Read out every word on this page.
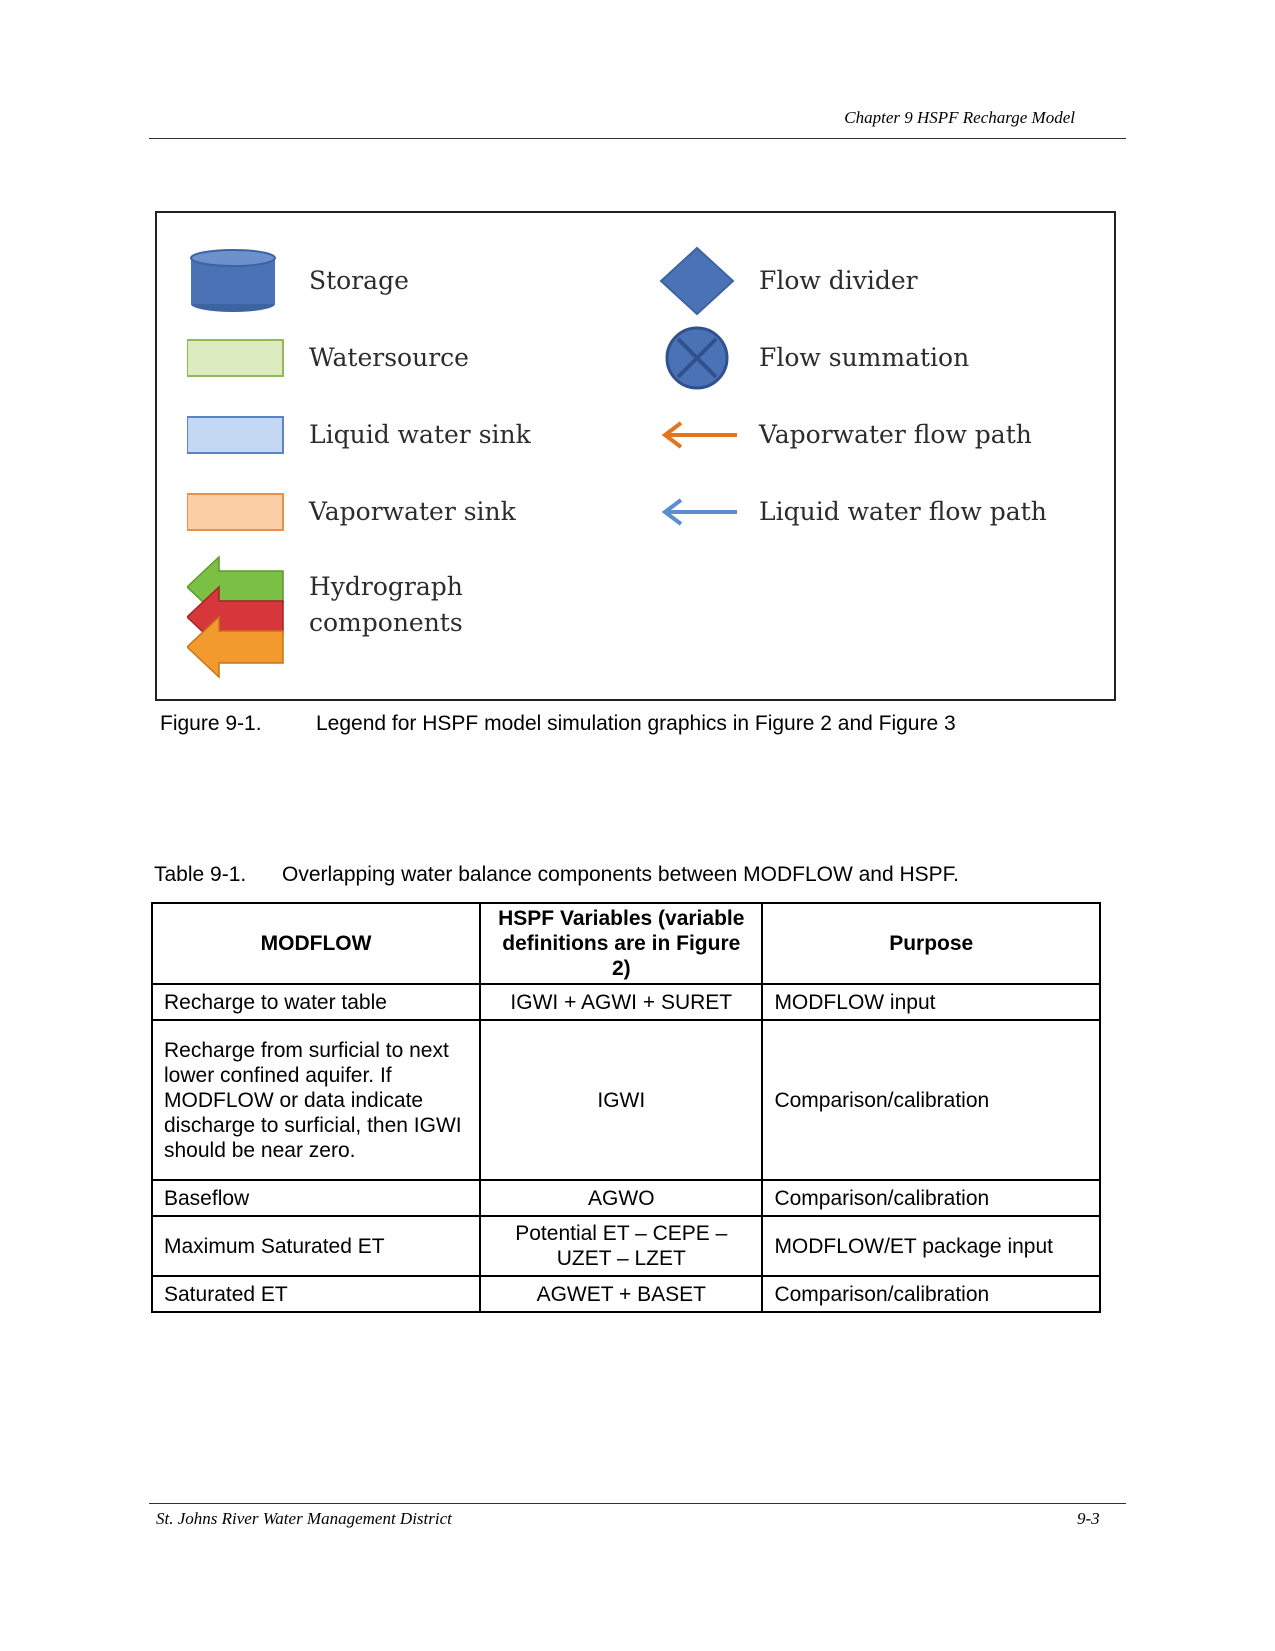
Chapter 9 HSPF Recharge Model
Storage
Watersource
Liquid water sink
Vaporwater sink
Hydrograph
components
Flow divider
Flow summation
Vaporwater flow path
Liquid water flow path
Figure 9-1.	Legend for HSPF model simulation graphics in Figure 2 and Figure 3
Table 9-1. Overlapping water balance components between MODFLOW and HSPF.
MODFLOW	HSPF Variables (variable definitions are in Figure 2)	Purpose
Recharge to water table	IGWI + AGWI + SURET	MODFLOW input
Recharge from surficial to next lower confined aquifer. If MODFLOW or data indicate discharge to surficial, then IGWI should be near zero.	IGWI	Comparison/calibration
Baseflow	AGWO	Comparison/calibration
Maximum Saturated ET	Potential ET – CEPE – UZET – LZET	MODFLOW/ET package input
Saturated ET	AGWET + BASET	Comparison/calibration
St. Johns River Water Management District	9-3
